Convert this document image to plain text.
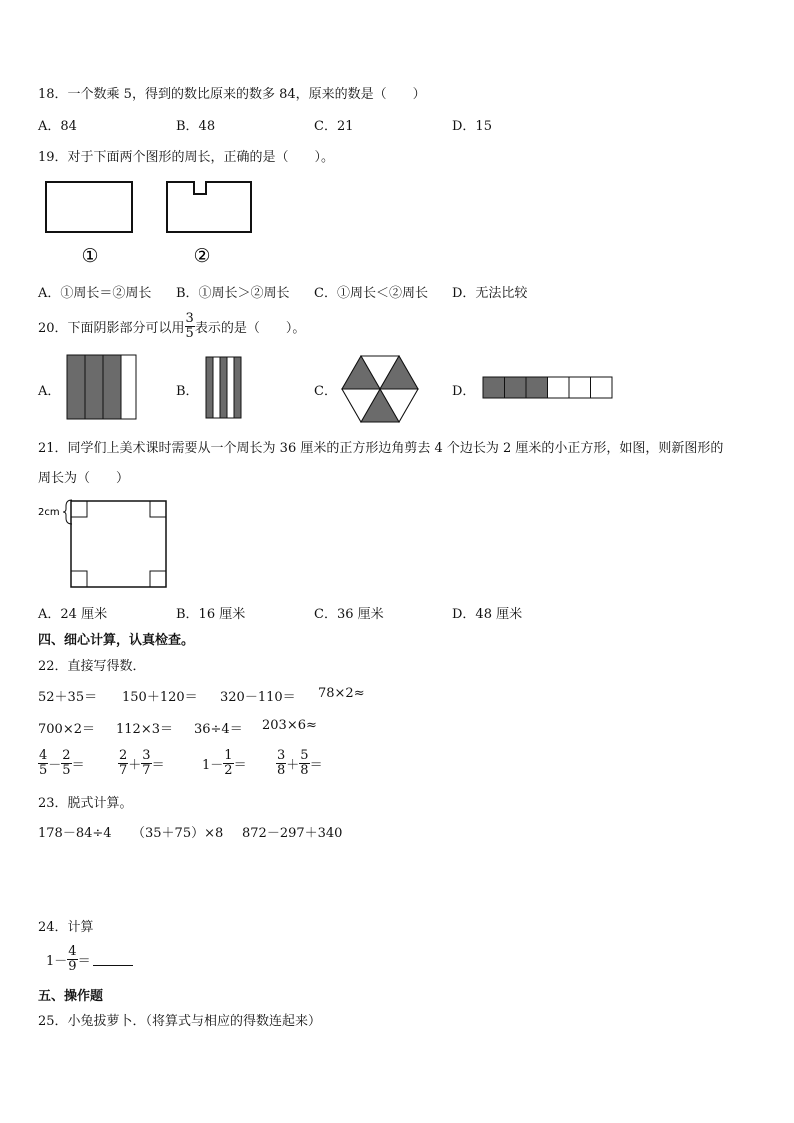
18．一个数乘 5，得到的数比原来的数多 84，原来的数是（　　）
A．84	B．48	C．21	D．15
19．对于下面两个图形的周长，正确的是（　　）。
①	②
A．①周长＝②周长 B．①周长＞②周长 C．①周长＜②周长 D．无法比较
20．下面阴影部分可以用 $\frac{3}{5}$ 表示的是（　　）。
A．	B．	C．	D．
21．同学们上美术课时需要从一个周长为 36 厘米的正方形边角剪去 4 个边长为 2 厘米的小正方形，如图，则新图形的
周长为（　　）
2cm
A．24 厘米	B．16 厘米	C．36 厘米	D．48 厘米
四、细心计算，认真检查。
22．直接写得数．
52＋35＝ 150＋120＝ 320－110＝ 78×2≈
700×2＝ 112×3＝ 36÷4＝ 203×6≈
$\frac{4}{5} - \frac{2}{5}$ ＝	$\frac{2}{7} + \frac{3}{7}$ ＝	$1- \frac{1}{2} = \frac{3}{8} + \frac{5}{8}$ ＝
23．脱式计算。
178－84÷4 （35＋75）×8 872－297＋340
24．计算
$1- \frac{4}{9}$ ＝
五、操作题
25．小兔拔萝卜．（将算式与相应的得数连起来）
